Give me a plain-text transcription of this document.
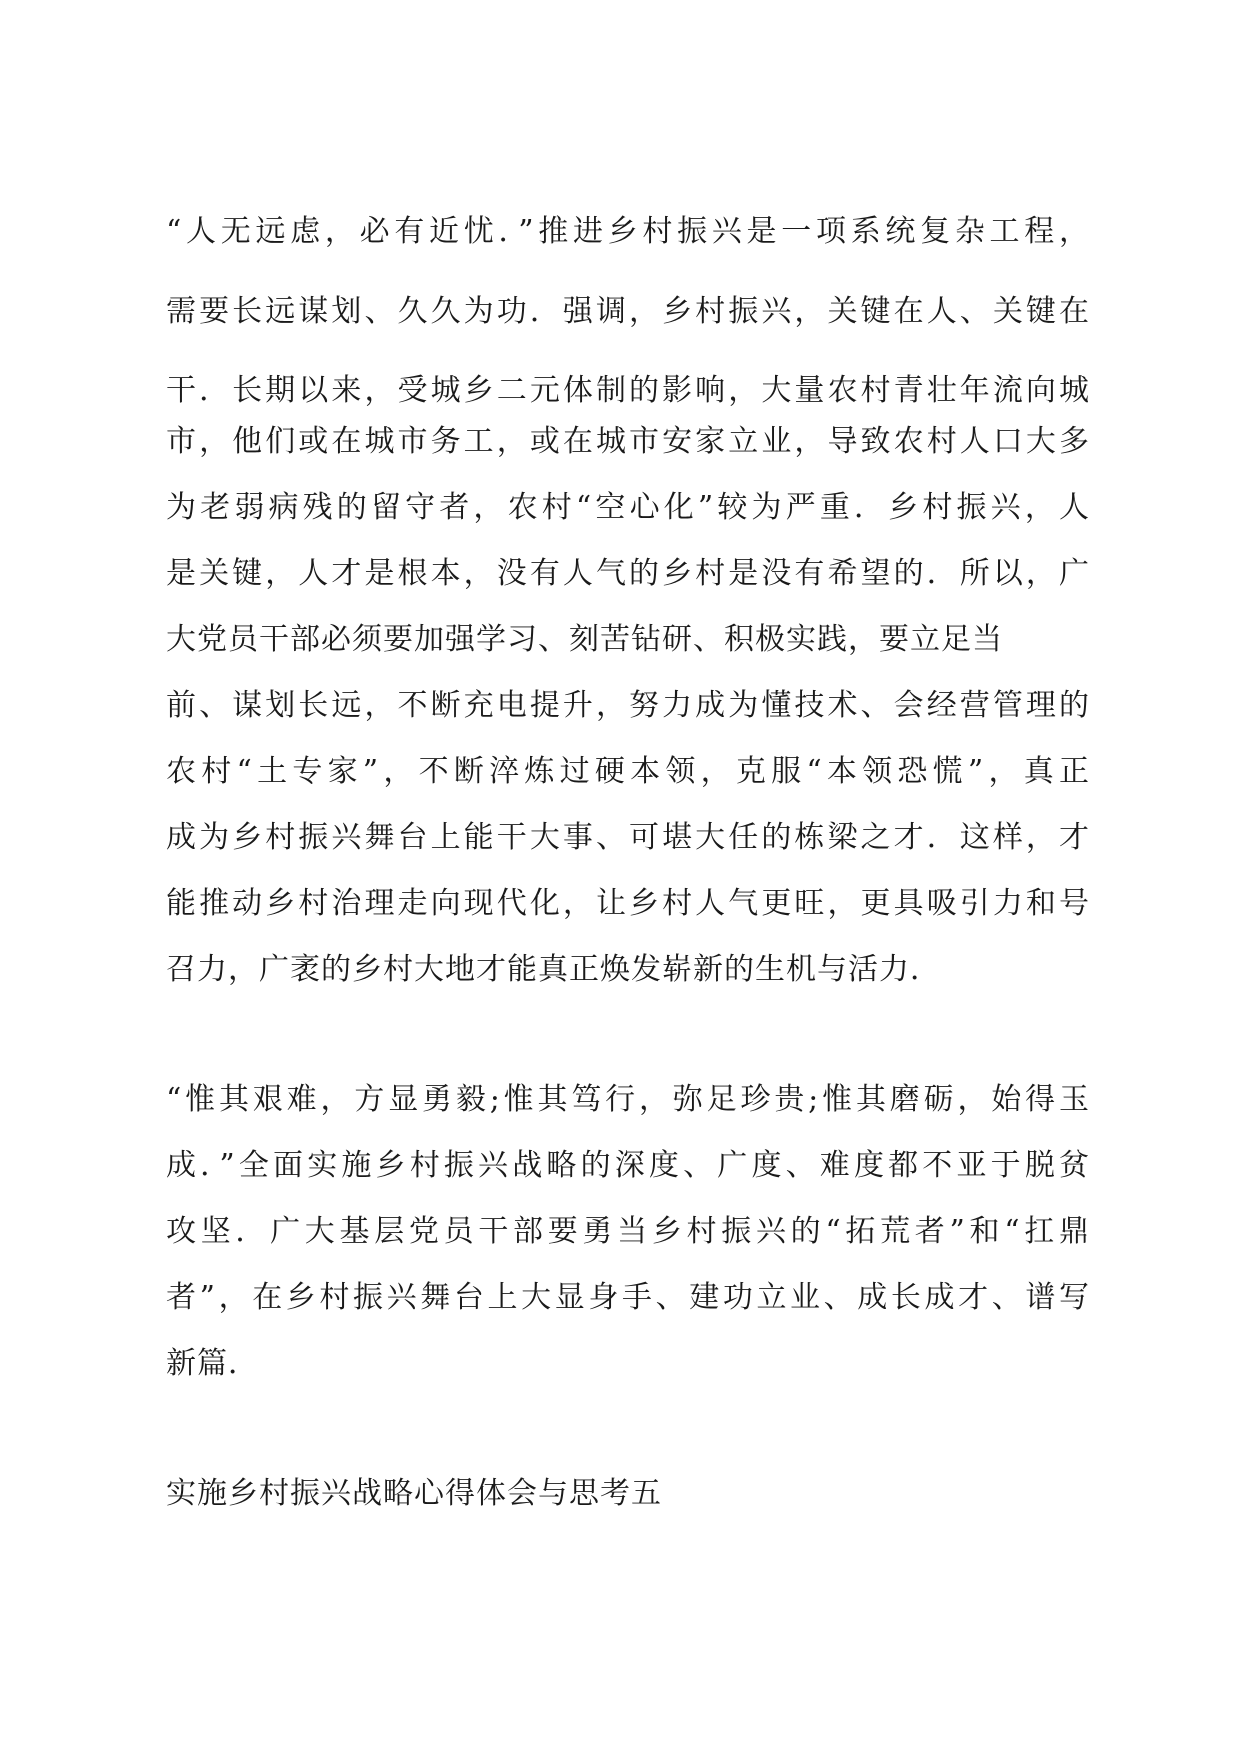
“人无远虑，必有近忧．”推进乡村振兴是一项系统复杂工程，

需要长远谋划、久久为功．强调，乡村振兴，关键在人、关键在

干．长期以来，受城乡二元体制的影响，大量农村青壮年流向城

市，他们或在城市务工，或在城市安家立业，导致农村人口大多

为老弱病残的留守者，农村“空心化”较为严重．乡村振兴，人

是关键，人才是根本，没有人气的乡村是没有希望的．所以，广

大党员干部必须要加强学习、刻苦钻研、积极实践，要立足当

前、谋划长远，不断充电提升，努力成为懂技术、会经营管理的

农村“土专家”，不断淬炼过硬本领，克服“本领恐慌”，真正

成为乡村振兴舞台上能干大事、可堪大任的栋梁之才．这样，才

能推动乡村治理走向现代化，让乡村人气更旺，更具吸引力和号

召力，广袤的乡村大地才能真正焕发崭新的生机与活力．

“惟其艰难，方显勇毅;惟其笃行，弥足珍贵;惟其磨砺，始得玉

成．”全面实施乡村振兴战略的深度、广度、难度都不亚于脱贫

攻坚．广大基层党员干部要勇当乡村振兴的“拓荒者”和“扛鼎

者”，在乡村振兴舞台上大显身手、建功立业、成长成才、谱写

新篇．

实施乡村振兴战略心得体会与思考五
